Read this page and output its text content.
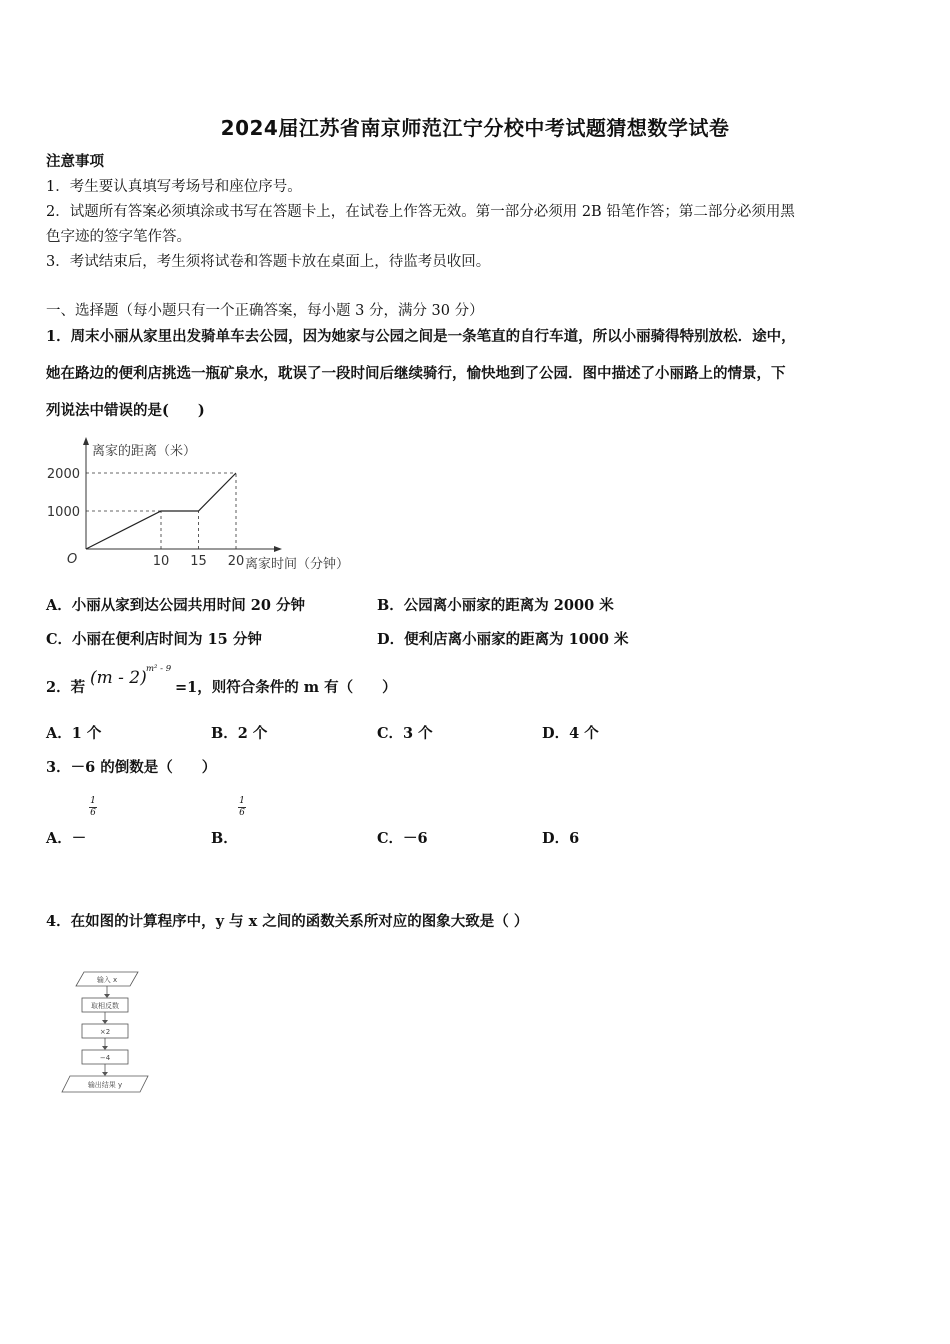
2024届江苏省南京师范江宁分校中考试题猜想数学试卷
注意事项
1．考生要认真填写考场号和座位序号。
2．试题所有答案必须填涂或书写在答题卡上，在试卷上作答无效。第一部分必须用 2B 铅笔作答；第二部分必须用黑
色字迹的签字笔作答。
3．考试结束后，考生须将试卷和答题卡放在桌面上，待监考员收回。
一、选择题（每小题只有一个正确答案，每小题 3 分，满分 30 分）
1．周末小丽从家里出发骑单车去公园，因为她家与公园之间是一条笔直的自行车道，所以小丽骑得特别放松．途中，
她在路边的便利店挑选一瓶矿泉水，耽误了一段时间后继续骑行，愉快地到了公园．图中描述了小丽路上的情景，下
列说法中错误的是(　　)
离家的距离（米）
离家时间（分钟）
O
1000
2000
10 15 20
A．小丽从家到达公园共用时间 20 分钟	B．公园离小丽家的距离为 2000 米
C．小丽在便利店时间为 15 分钟	D．便利店离小丽家的距离为 1000 米
2．若 (m - 2) m² - 9
=1，则符合条件的 m 有（　　）
A．1 个	B．2 个	C．3 个	D．4 个
3．－6 的倒数是（　　）
1
6
A．－
1
6
B．	C．－6	D．6
4．在如图的计算程序中，y 与 x 之间的函数关系所对应的图象大致是（ ）
输入 x
取相反数
×2
−4
输出结果 y
